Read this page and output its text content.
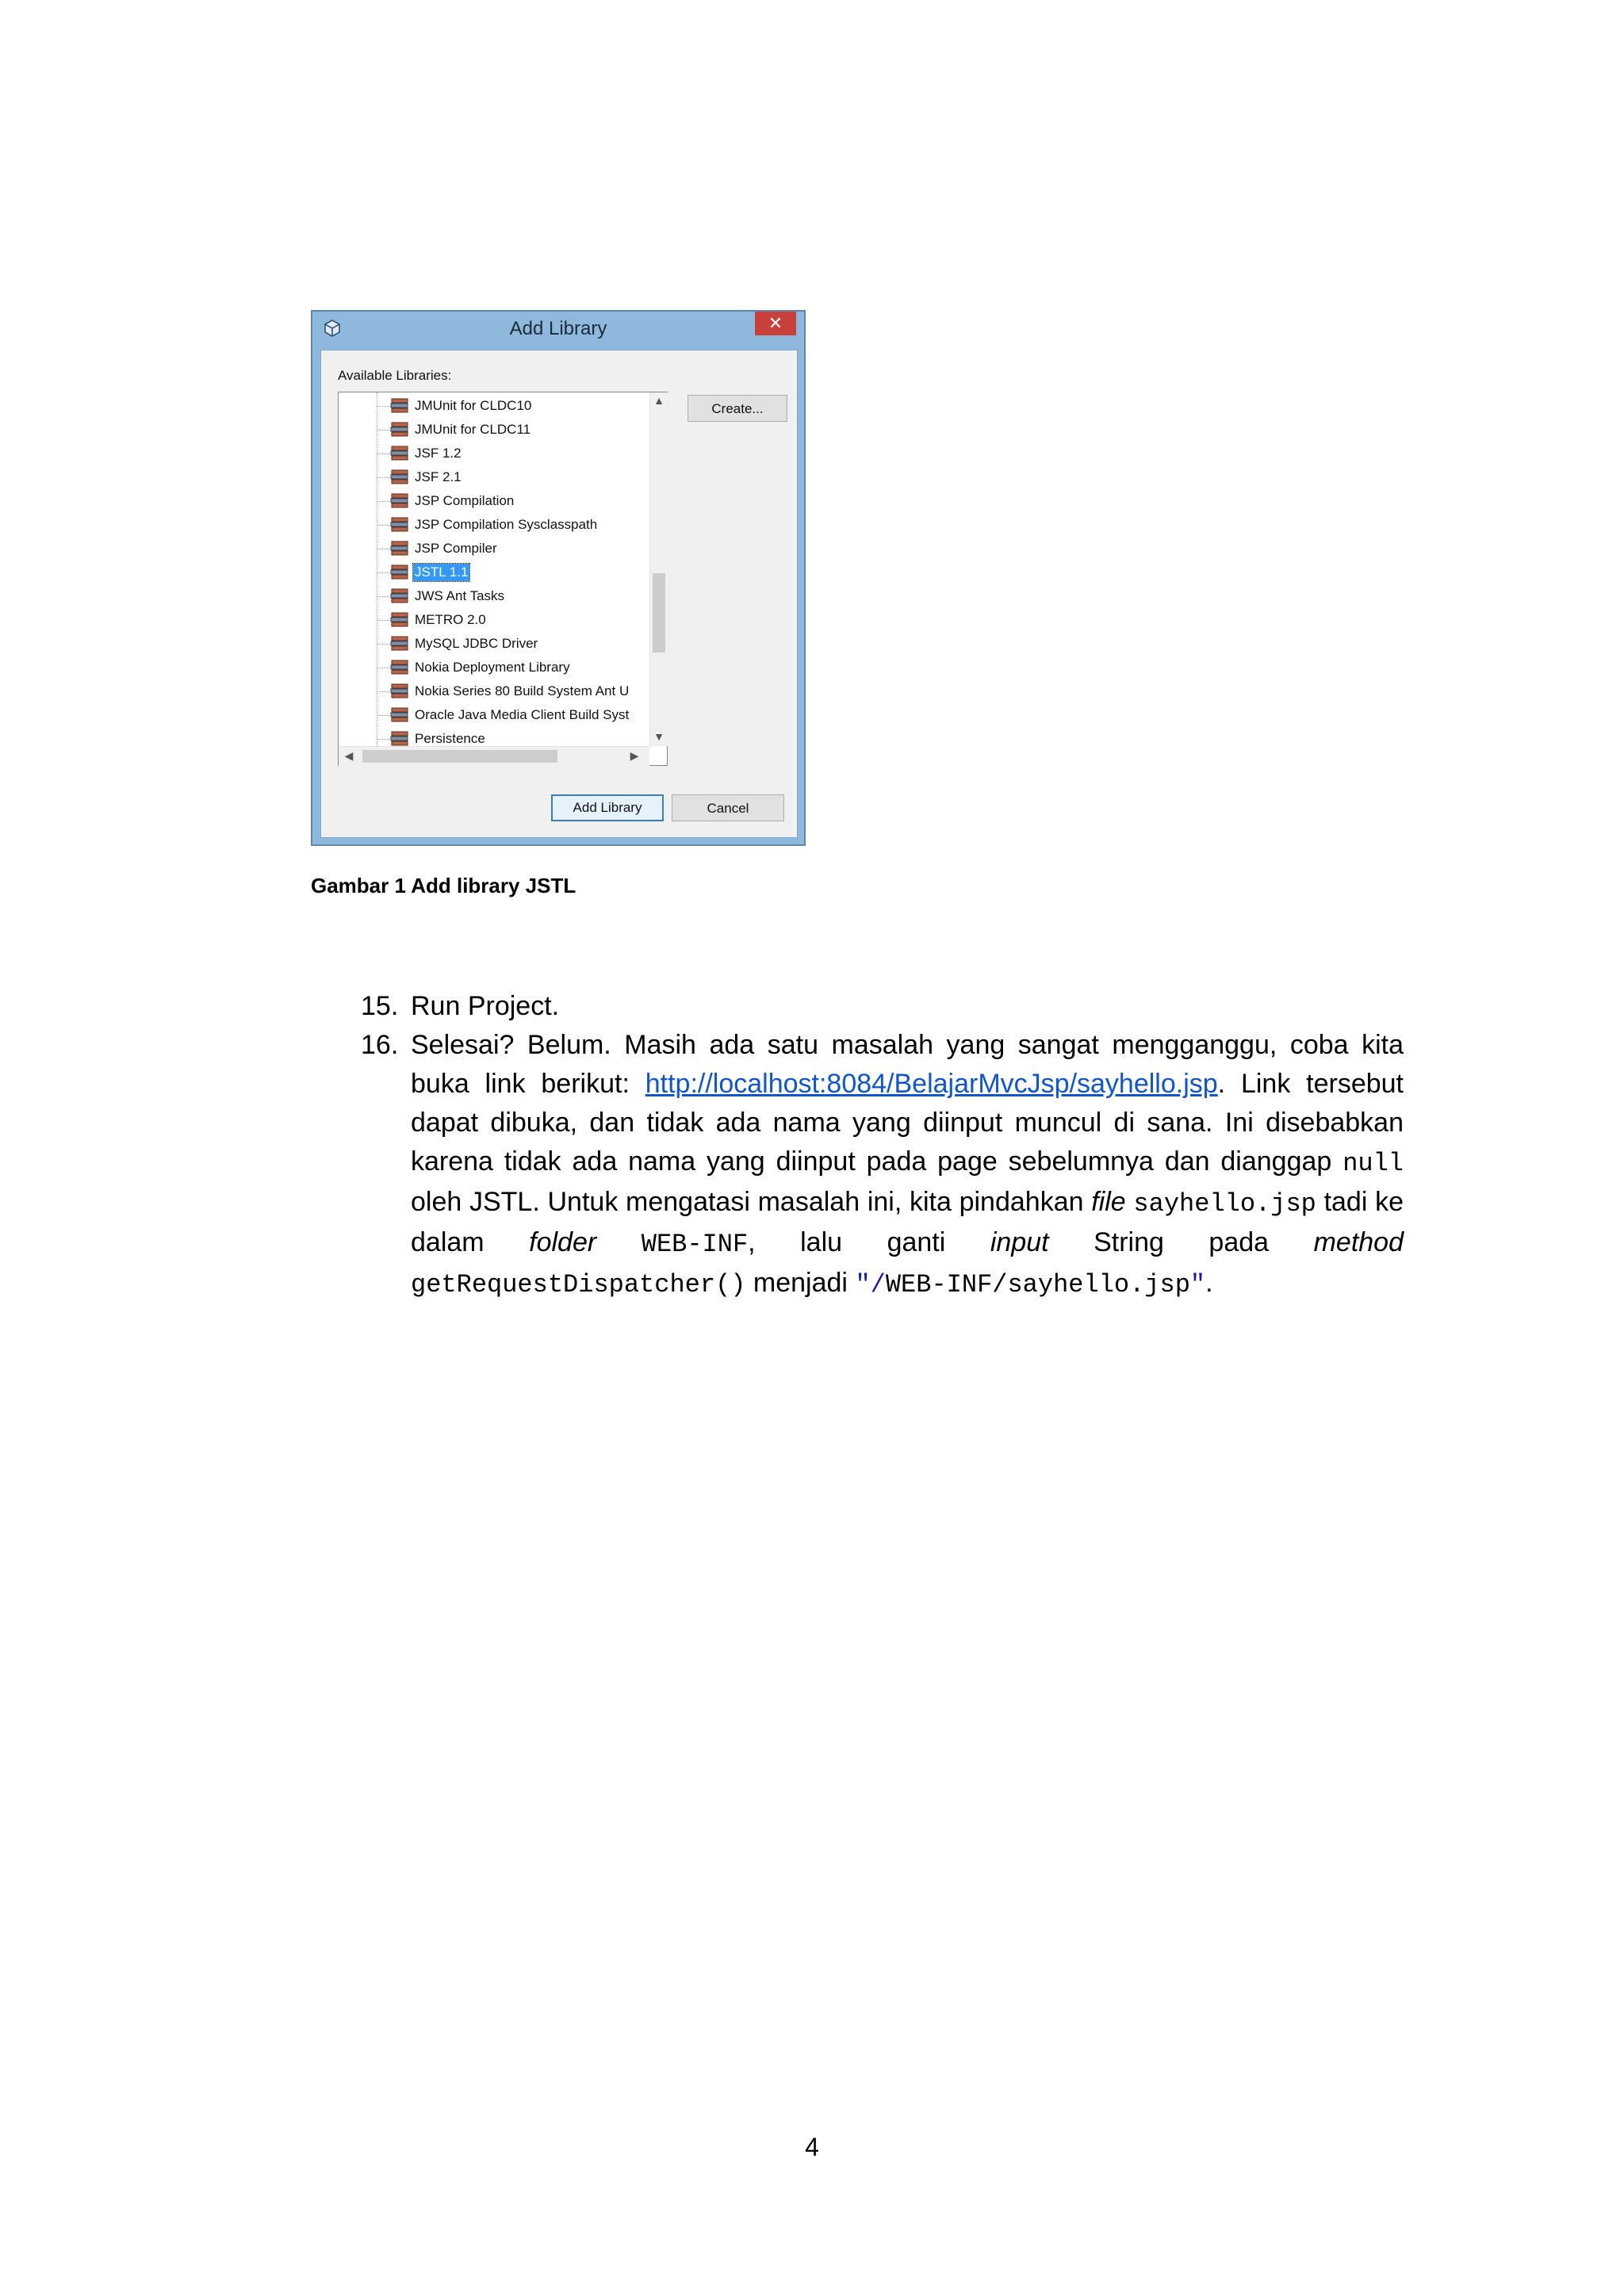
Add Library	✕
Available Libraries:
JMUnit for CLDC10
JMUnit for CLDC11
JSF 1.2
JSF 2.1
JSP Compilation
JSP Compilation Sysclasspath
JSP Compiler
JSTL 1.1
JWS Ant Tasks
METRO 2.0
MySQL JDBC Driver
Nokia Deployment Library
Nokia Series 80 Build System Ant U
Oracle Java Media Client Build Syst
Persistence
▲
▼
◀	▶
Create...
Add Library	Cancel
Gambar 1 Add library JSTL
15. Run Project.
16. Selesai? Belum. Masih ada satu masalah yang sangat mengganggu, coba kita buka link berikut: http://localhost:8084/BelajarMvcJsp/sayhello.jsp. Link tersebut dapat dibuka, dan tidak ada nama yang diinput muncul di sana. Ini disebabkan karena tidak ada nama yang diinput pada page sebelumnya dan dianggap null oleh JSTL. Untuk mengatasi masalah ini, kita pindahkan file sayhello.jsp tadi ke dalam folder WEB-INF, lalu ganti input String pada method getRequestDispatcher() menjadi "/WEB-INF/sayhello.jsp".
4
